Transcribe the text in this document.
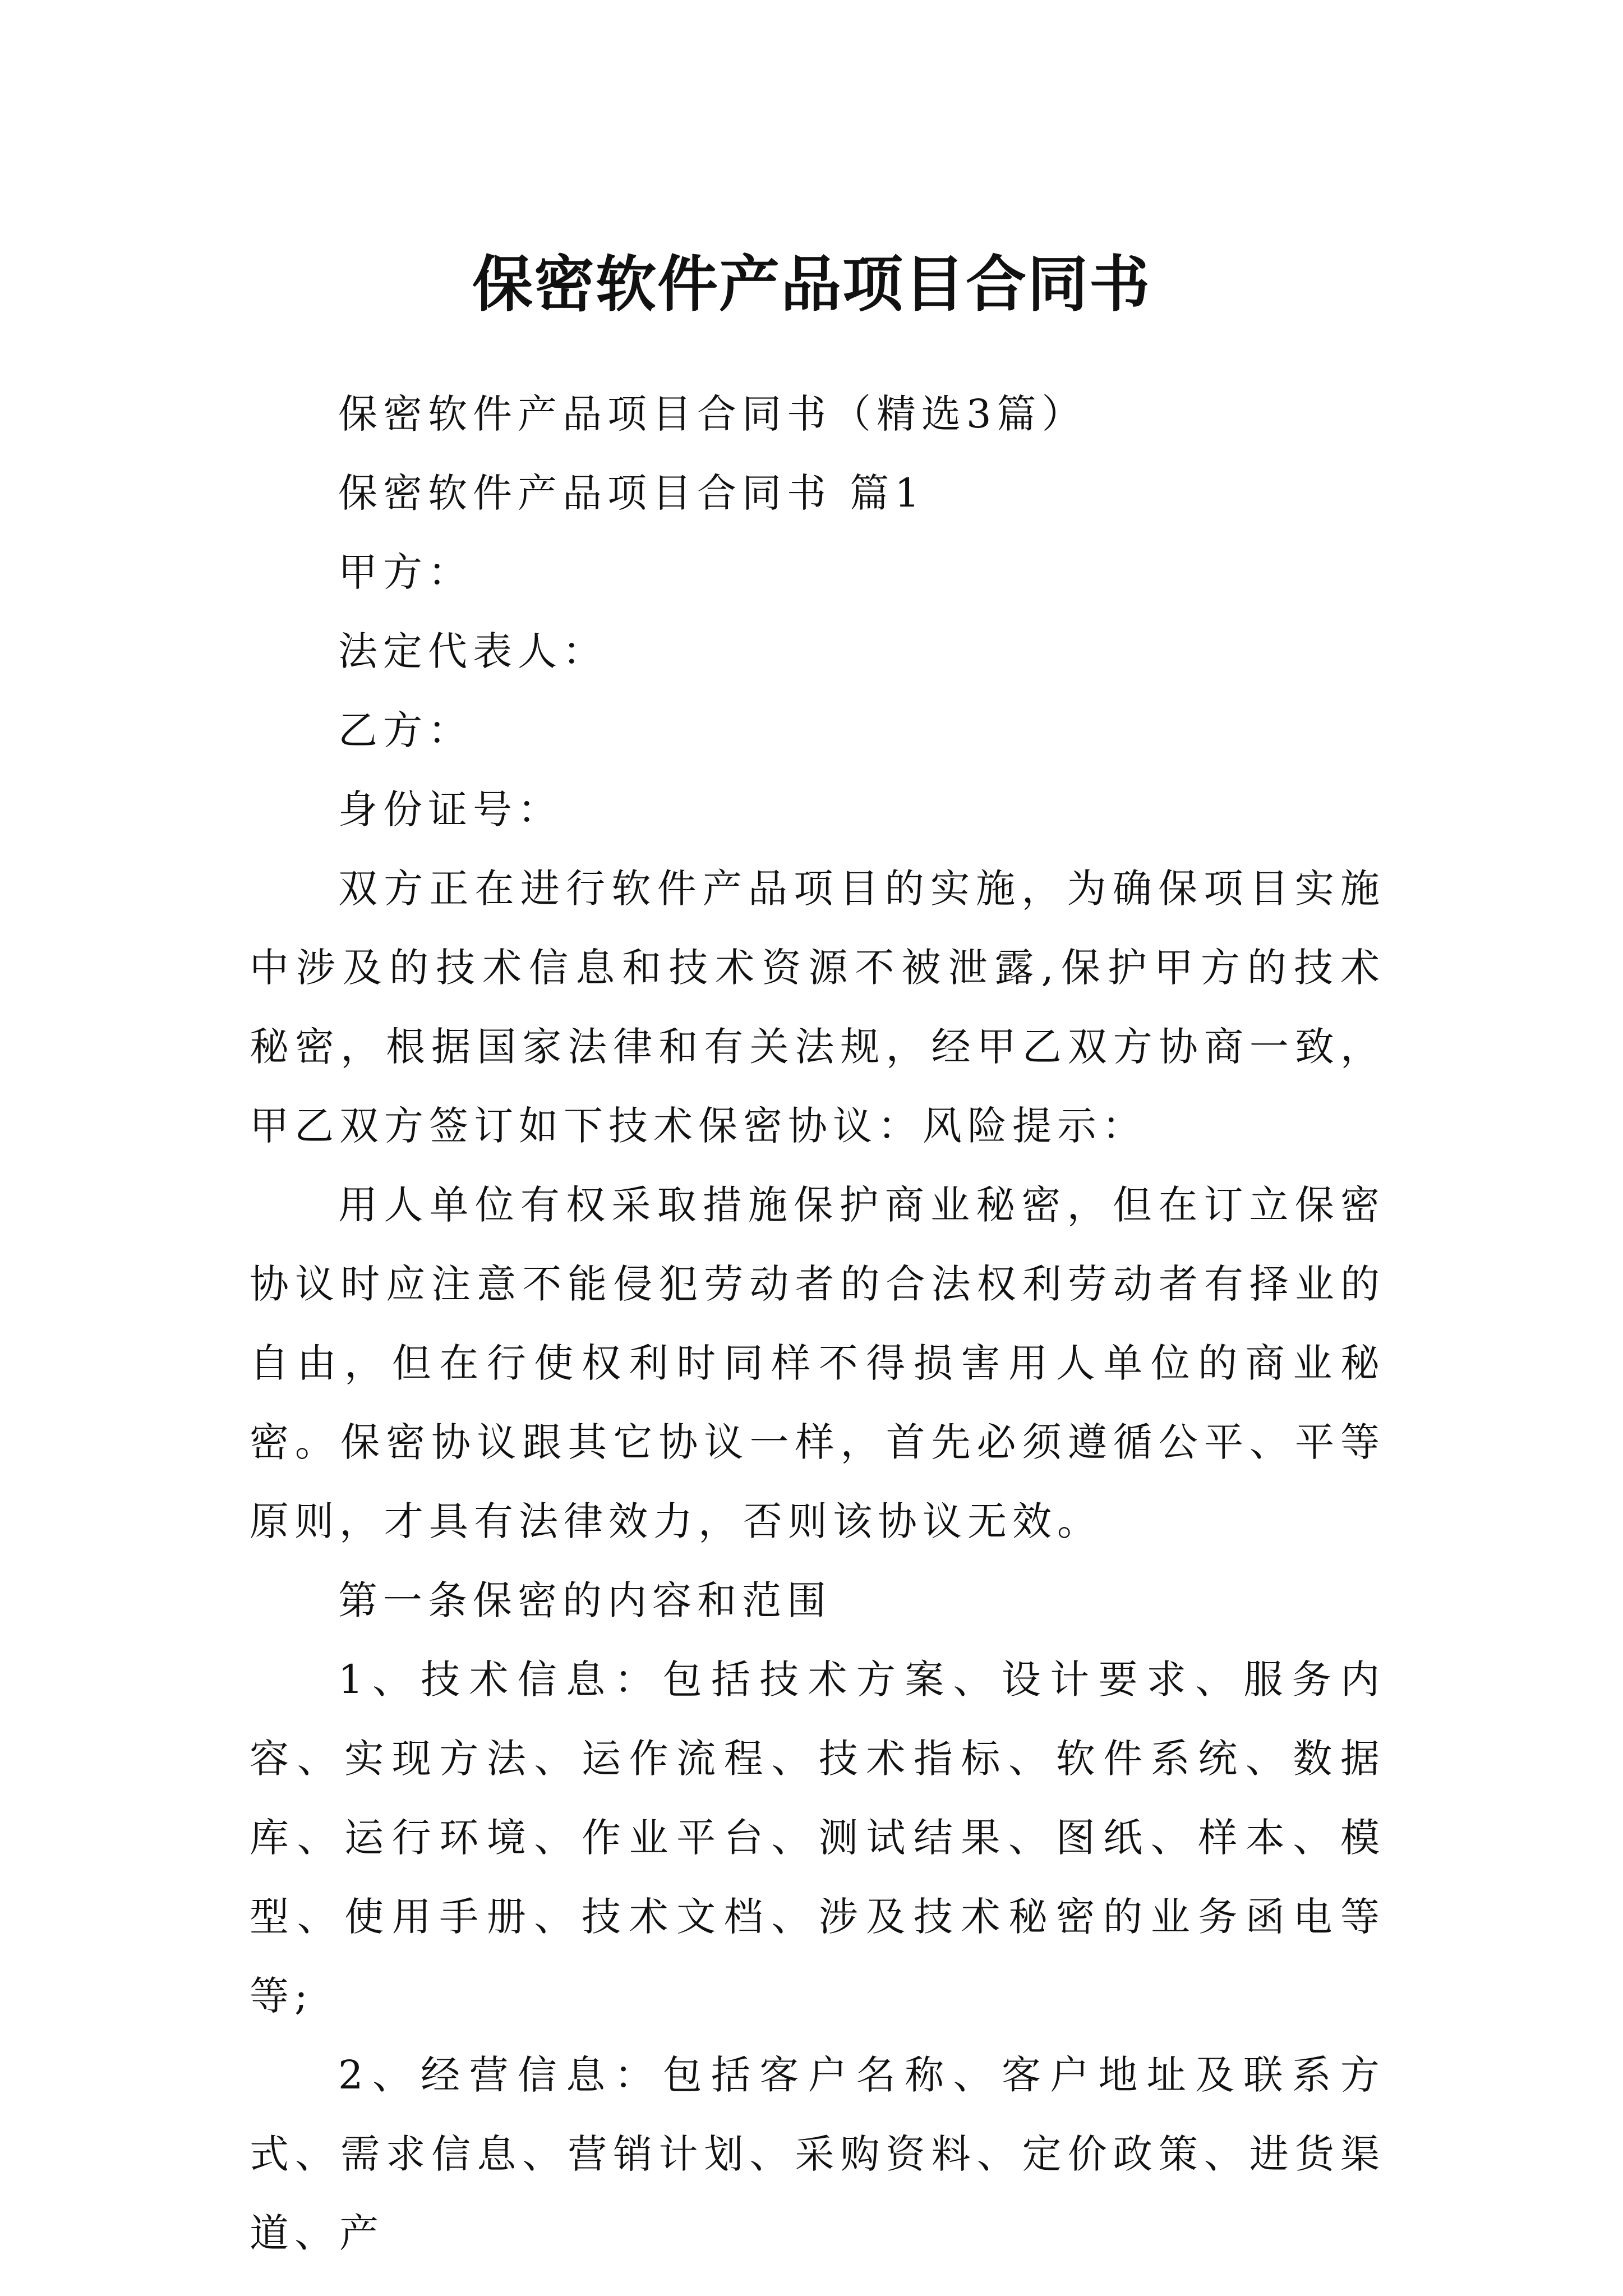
保密软件产品项目合同书

保密软件产品项目合同书（精选3篇）

保密软件产品项目合同书 篇1

甲方：

法定代表人：

乙方：

身份证号：

双方正在进行软件产品项目的实施，为确保项目实施中涉及的技术信息和技术资源不被泄露,保护甲方的技术秘密，根据国家法律和有关法规，经甲乙双方协商一致，甲乙双方签订如下技术保密协议：风险提示：

用人单位有权采取措施保护商业秘密，但在订立保密协议时应注意不能侵犯劳动者的合法权利劳动者有择业的自由，但在行使权利时同样不得损害用人单位的商业秘密。保密协议跟其它协议一样，首先必须遵循公平、平等原则，才具有法律效力，否则该协议无效。

第一条保密的内容和范围

1、技术信息：包括技术方案、设计要求、服务内容、实现方法、运作流程、技术指标、软件系统、数据库、运行环境、作业平台、测试结果、图纸、样本、模型、使用手册、技术文档、涉及技术秘密的业务函电等等;

2、经营信息：包括客户名称、客户地址及联系方式、需求信息、营销计划、采购资料、定价政策、进货渠道、产
